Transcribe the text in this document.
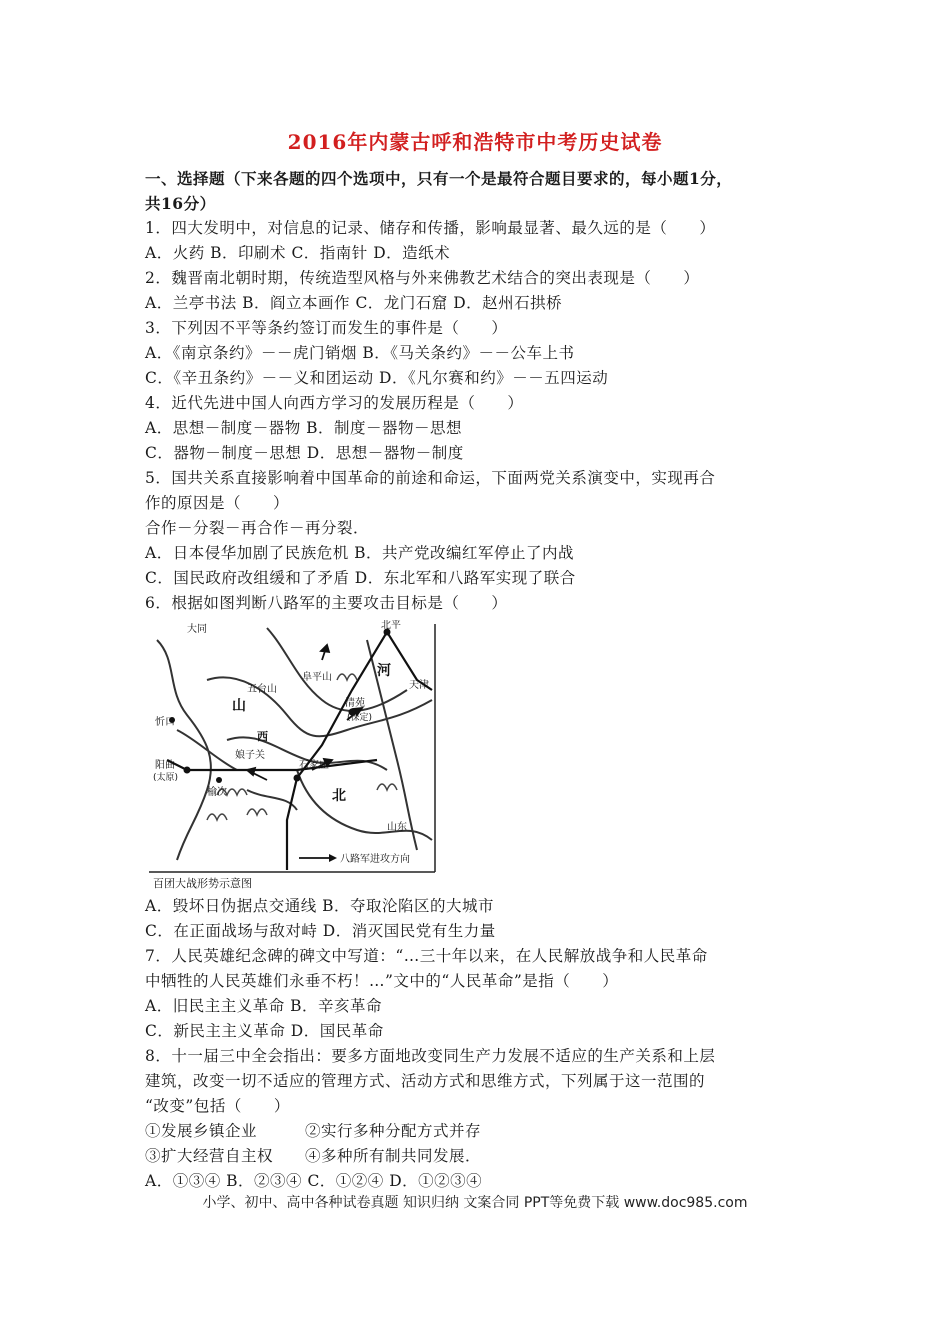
2016年内蒙古呼和浩特市中考历史试卷
一、选择题（下来各题的四个选项中，只有一个是最符合题目要求的，每小题1分，
共16分）
1．四大发明中，对信息的记录、储存和传播，影响最显著、最久远的是（　　）
A．火药 B．印刷术 C．指南针 D．造纸术
2．魏晋南北朝时期，传统造型风格与外来佛教艺术结合的突出表现是（　　）
A．兰亭书法 B．阎立本画作 C．龙门石窟 D．赵州石拱桥
3．下列因不平等条约签订而发生的事件是（　　）
A．《南京条约》－－虎门销烟 B．《马关条约》－－公车上书
C．《辛丑条约》－－义和团运动 D．《凡尔赛和约》－－五四运动
4．近代先进中国人向西方学习的发展历程是（　　）
A．思想－制度－器物 B．制度－器物－思想
C．器物－制度－思想 D．思想－器物－制度
5．国共关系直接影响着中国革命的前途和命运，下面两党关系演变中，实现再合
作的原因是（　　）
合作－分裂－再合作－再分裂．
A．日本侵华加剧了民族危机 B．共产党改编红军停止了内战
C．国民政府改组缓和了矛盾 D．东北军和八路军实现了联合
6．根据如图判断八路军的主要攻击目标是（　　）
大同	北平
天津
五台山
阜平山
清苑
(保定)
忻口
阳曲
(太原)
娘子关
石家庄
榆次
山东
山
西
河
北
八路军进攻方向
百团大战形势示意图
A．毁坏日伪据点交通线 B．夺取沦陷区的大城市
C．在正面战场与敌对峙 D．消灭国民党有生力量
7．人民英雄纪念碑的碑文中写道：“…三十年以来，在人民解放战争和人民革命
中牺牲的人民英雄们永垂不朽！…”文中的“人民革命”是指（　　）
A．旧民主主义革命 B．辛亥革命
C．新民主主义革命 D．国民革命
8．十一届三中全会指出：要多方面地改变同生产力发展不适应的生产关系和上层
建筑，改变一切不适应的管理方式、活动方式和思维方式，下列属于这一范围的
“改变”包括（　　）
①发展乡镇企业　　　②实行多种分配方式并存
③扩大经营自主权　　④多种所有制共同发展．
A．①③④ B．②③④ C．①②④ D．①②③④
小学、初中、高中各种试卷真题 知识归纳 文案合同 PPT等免费下载 www.doc985.com
